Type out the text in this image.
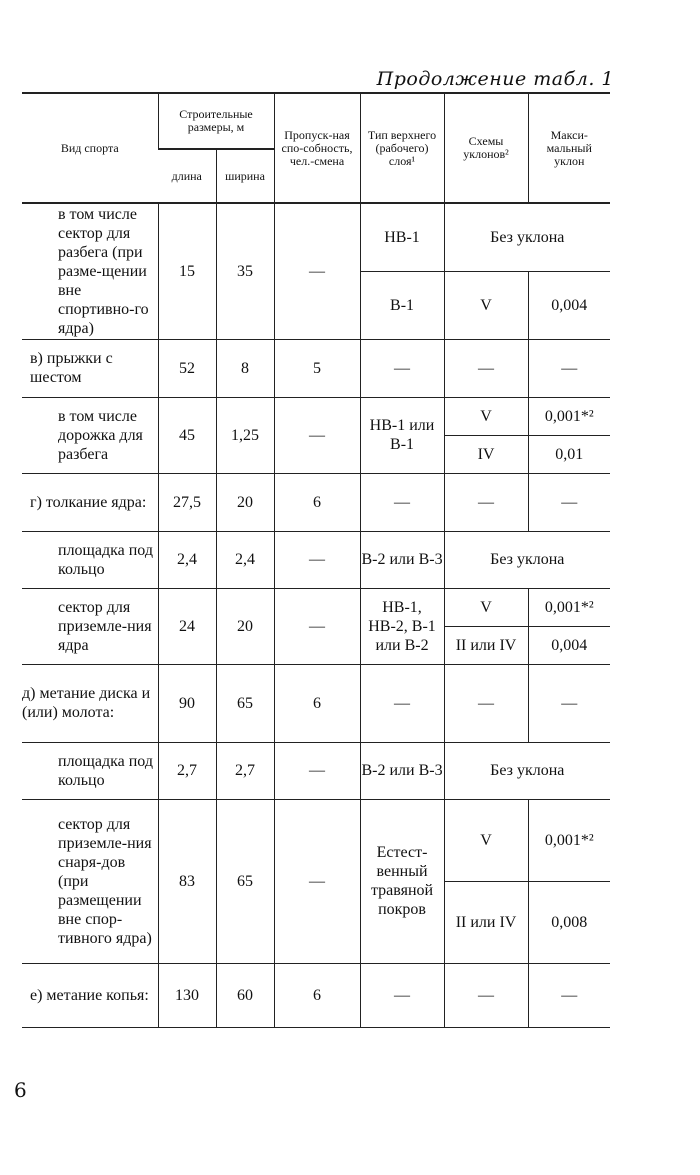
Продолжение табл. 1
Вид спорта	Строительные размеры, м		Пропуск-ная спо-собность, чел.-смена	Тип верхнего (рабочего) слоя¹	Схемы уклонов²	Макси-мальный уклон
	длина	ширина				
в том числе сектор для разбега (при разме-щении вне спортивно-го ядра)	15	35	—	НВ-1	Без уклона	
				В-1	V	0,004
в) прыжки с шестом	52	8	5	—	—	—
в том числе дорожка для разбега	45	1,25	—	НВ-1 или В-1	V	0,001*²
					IV	0,01
г) толкание ядра:	27,5	20	6	—	—	—
площадка под кольцо	2,4	2,4	—	В-2 или В-3	Без уклона	
сектор для приземле-ния ядра	24	20	—	НВ-1, НВ-2, В-1 или В-2	V	0,001*²
					II или IV	0,004
д) метание диска и (или) молота:	90	65	6	—	—	—
площадка под кольцо	2,7	2,7	—	В-2 или В-3	Без уклона	
сектор для приземле-ния снаря-дов (при размещении вне спор-тивного ядра)	83	65	—	Естест-венный травяной покров	V	0,001*²
					II или IV	0,008
е) метание копья:	130	60	6	—	—	—
6
